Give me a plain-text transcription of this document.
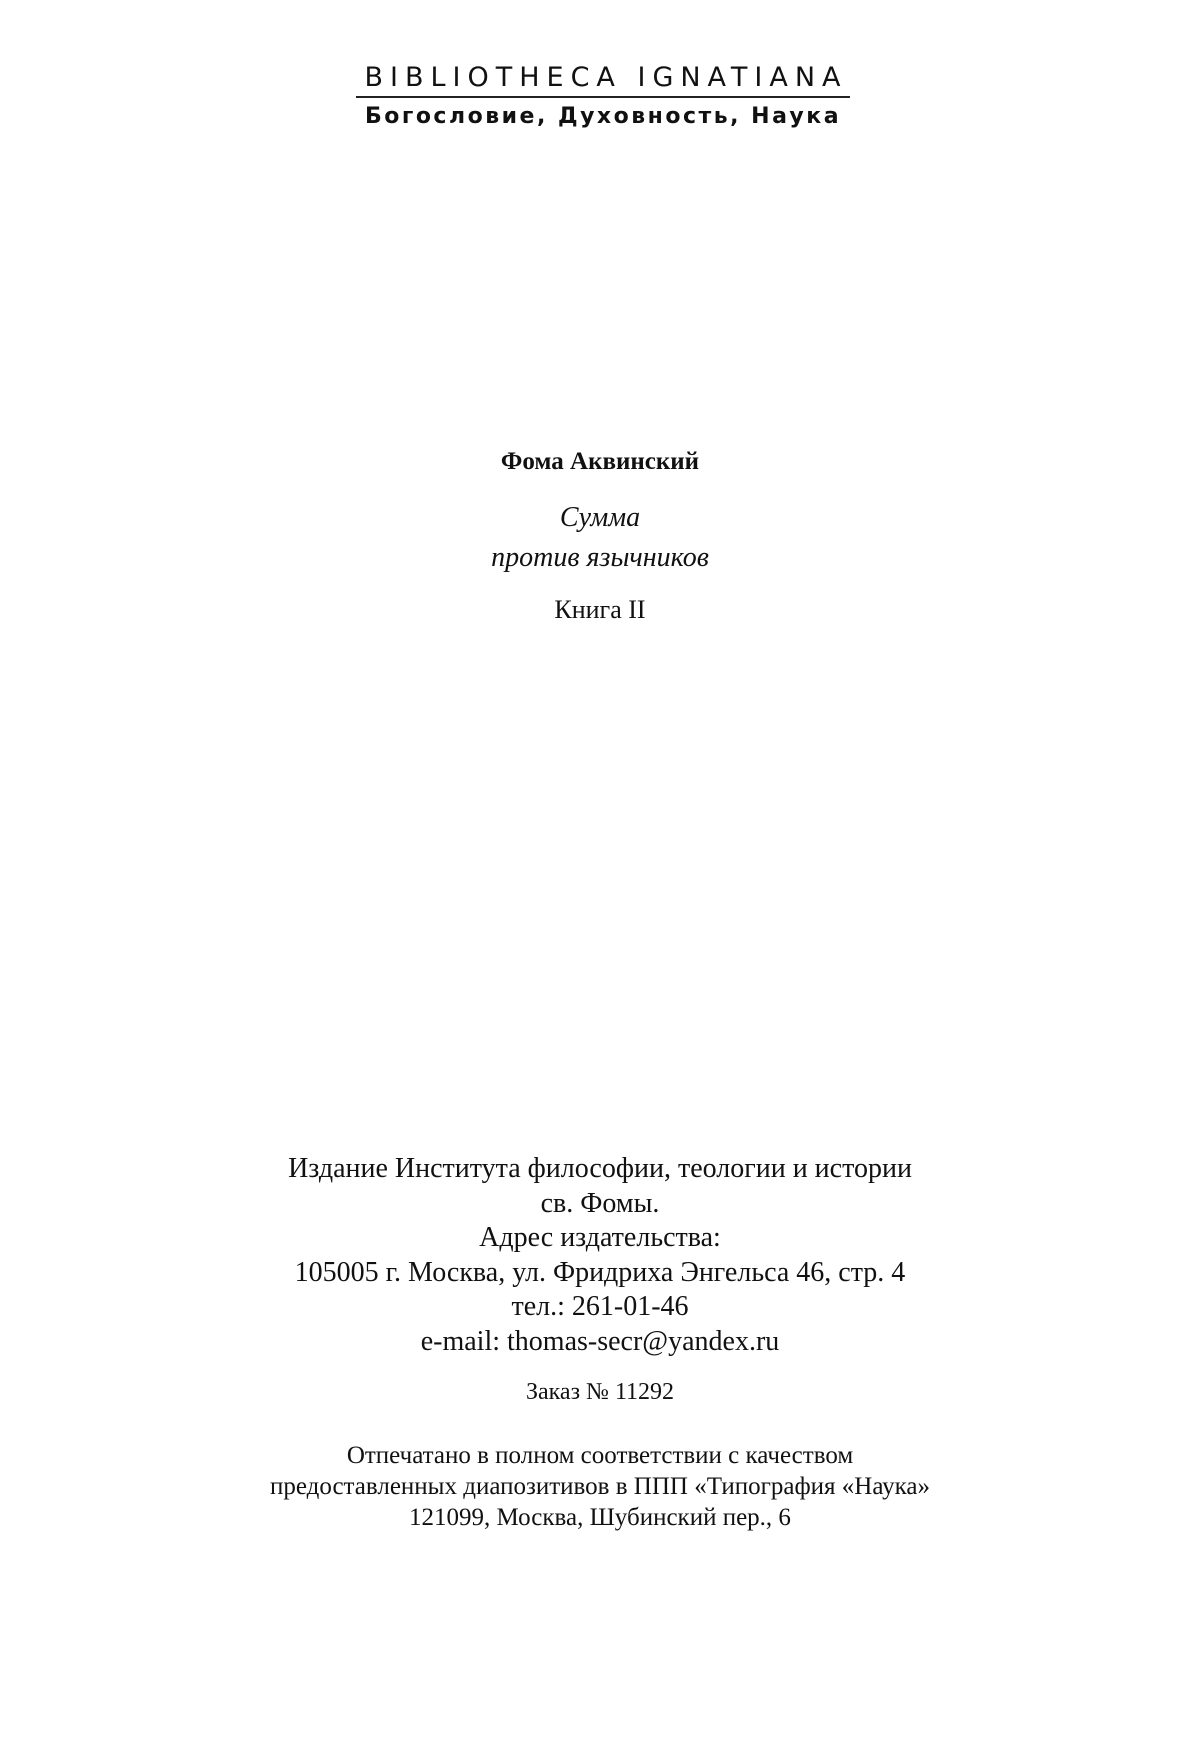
BIBLIOTHECA IGNATIANA
Богословие, Духовность, Наука
Фома Аквинский
Сумма
против язычников
Книга II
Издание Института философии, теологии и истории
св. Фомы.
Адрес издательства:
105005 г. Москва, ул. Фридриха Энгельса 46, стр. 4
тел.: 261-01-46
e-mail: thomas-secr@yandex.ru
Заказ № 11292
Отпечатано в полном соответствии с качеством
предоставленных диапозитивов в ППП «Типография «Наука»
121099, Москва, Шубинский пер., 6
